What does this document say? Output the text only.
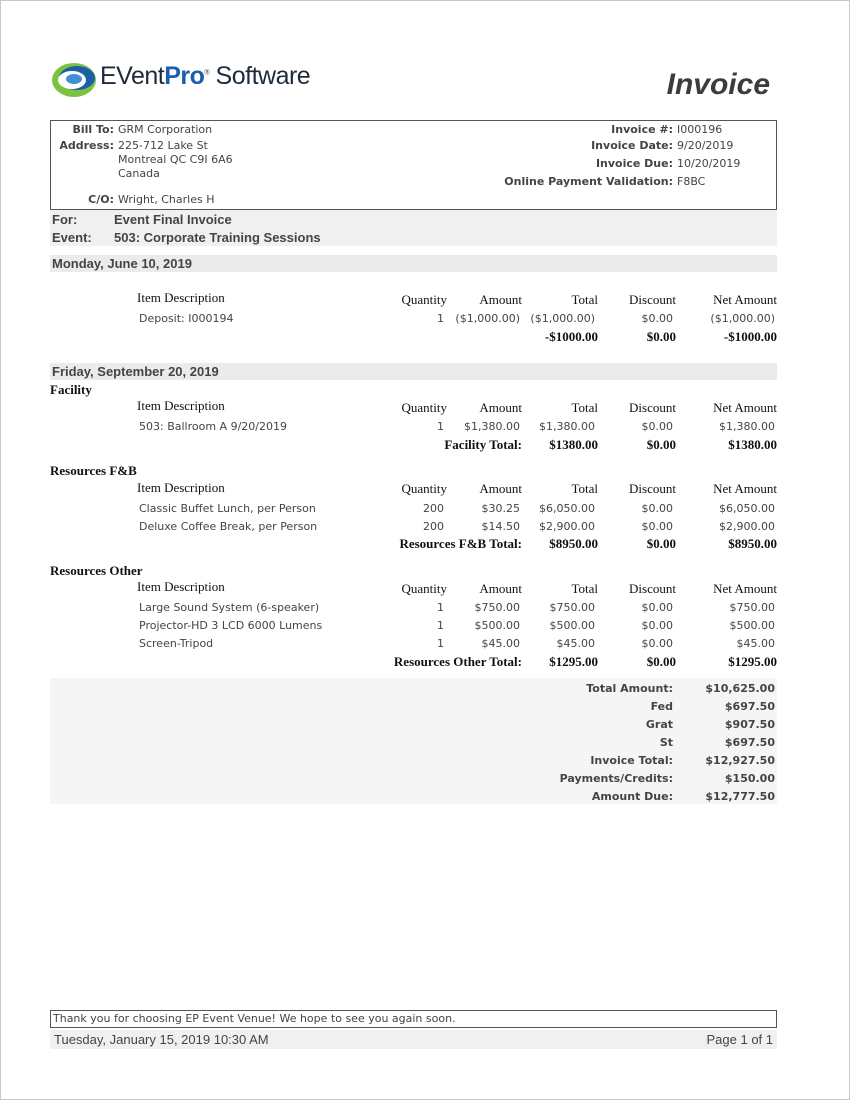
EVentPro® Software	Invoice
Bill To: GRM Corporation
Address: 225-712 Lake St
Montreal QC C9I 6A6
Canada
C/O: Wright, Charles H
Invoice #: I000196
Invoice Date: 9/20/2019
Invoice Due: 10/20/2019
Online Payment Validation: F8BC
For:	Event Final Invoice
Event: 503: Corporate Training Sessions
Monday, June 10, 2019
Item Description	Quantity	Amount	Total	Discount	Net Amount
Deposit: I000194	1	($1,000.00) ($1,000.00)	$0.00	($1,000.00)
-$1000.00	$0.00	-$1000.00
Friday, September 20, 2019
Facility
Item Description	Quantity	Amount	Total	Discount	Net Amount
503: Ballroom A 9/20/2019	1	$1,380.00	$1,380.00	$0.00	$1,380.00
Facility Total:	$1380.00	$0.00	$1380.00
Resources F&B
Item Description	Quantity	Amount	Total	Discount	Net Amount
Classic Buffet Lunch, per Person	200	$30.25	$6,050.00	$0.00	$6,050.00
Deluxe Coffee Break, per Person	200	$14.50	$2,900.00	$0.00	$2,900.00
Resources F&B Total:	$8950.00	$0.00	$8950.00
Resources Other
Item Description	Quantity	Amount	Total	Discount	Net Amount
Large Sound System (6-speaker)	1	$750.00	$750.00	$0.00	$750.00
Projector-HD 3 LCD 6000 Lumens	1	$500.00	$500.00	$0.00	$500.00
Screen-Tripod	1	$45.00	$45.00	$0.00	$45.00
Resources Other Total:	$1295.00	$0.00	$1295.00
Total Amount:	$10,625.00
Fed	$697.50
Grat	$907.50
St	$697.50
Invoice Total:	$12,927.50
Payments/Credits:	$150.00
Amount Due:	$12,777.50
Thank you for choosing EP Event Venue! We hope to see you again soon.
Tuesday, January 15, 2019 10:30 AM	Page 1 of 1
